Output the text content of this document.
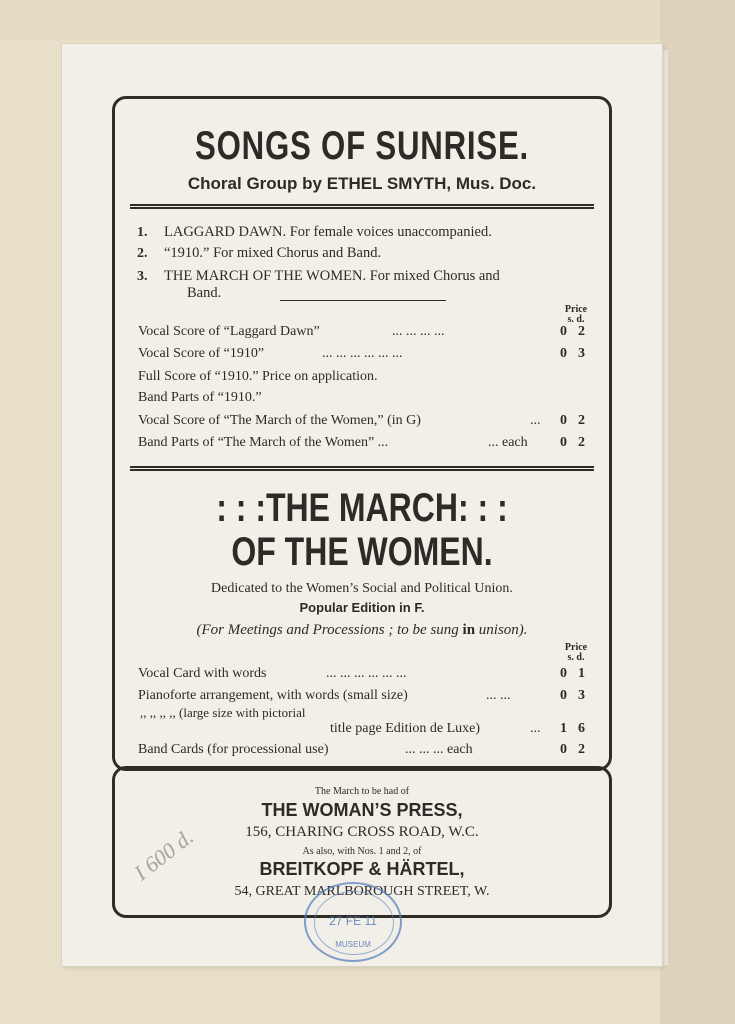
SONGS OF SUNRISE.
Choral Group by ETHEL SMYTH, Mus. Doc.
1. LAGGARD DAWN. For female voices unaccompanied.
2. “1910.” For mixed Chorus and Band.
3. THE MARCH OF THE WOMEN. For mixed Chorus and
Band.
Price
s. d.
Vocal Score of “Laggard Dawn”	... ... ... ...	0 2
Vocal Score of “1910”	... ... ... ... ... ...	0 3
Full Score of “1910.” Price on application.
Band Parts of “1910.”
Vocal Score of “The March of the Women,” (in G)	... 0 2
Band Parts of “The March of the Women” ...	... each 0 2
: : :THE MARCH: : :
OF THE WOMEN.
Dedicated to the Women’s Social and Political Union.
Popular Edition in F.
(For Meetings and Processions ; to be sung in unison).
Price
s. d.
Vocal Card with words	... ... ... ... ... ...	0 1
Pianoforte arrangement, with words (small size)	... ...	0 3
,, ,, ,, ,, (large size with pictorial
title page Edition de Luxe)	... 1 6
Band Cards (for processional use)	... ... ... each	0 2
The March to be had of
THE WOMAN’S PRESS,
156, CHARING CROSS ROAD, W.C.
As also, with Nos. 1 and 2, of
BREITKOPF & HÄRTEL,
54, GREAT MARLBOROUGH STREET, W.
I 600 d.
27 FE 11
MUSEUM
